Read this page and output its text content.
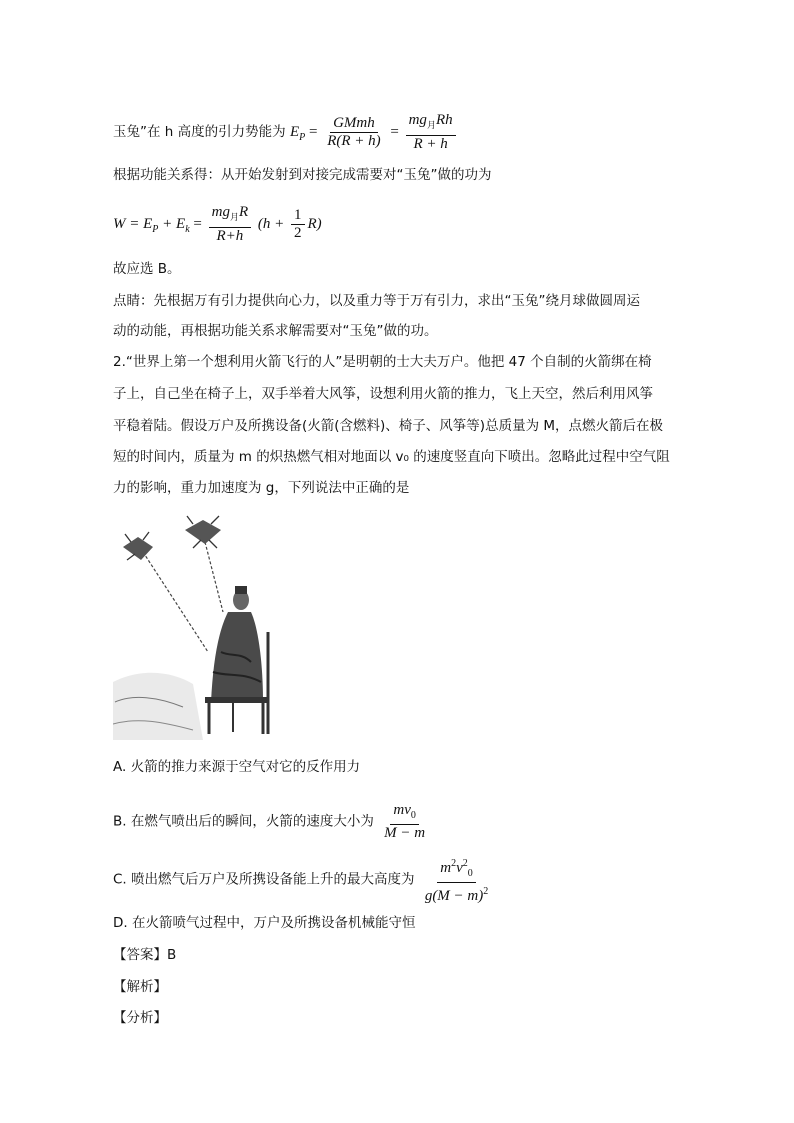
玉兔”在 h 高度的引力势能为 $E_P = \frac{\text{GMmh}}{R(R + h)} = \frac{mg_月Rh}{R + h}$
根据功能关系得：从开始发射到对接完成需要对“玉兔”做的功为
$W = E_P + E_k = \frac{mg_月R}{R+h} (h + \frac{1}{2} R)$
故应选 B。
点睛：先根据万有引力提供向心力，以及重力等于万有引力，求出“玉兔”绕月球做圆周运
动的动能，再根据功能关系求解需要对“玉兔”做的功。
2.“世界上第一个想利用火箭飞行的人”是明朝的士大夫万户。他把 47 个自制的火箭绑在椅
子上，自己坐在椅子上，双手举着大风筝，设想利用火箭的推力，飞上天空，然后利用风筝
平稳着陆。假设万户及所携设备(火箭(含燃料)、椅子、风筝等)总质量为 M，点燃火箭后在极
短的时间内，质量为 m 的炽热燃气相对地面以 v₀ 的速度竖直向下喷出。忽略此过程中空气阻
力的影响，重力加速度为 g，下列说法中正确的是
A. 火箭的推力来源于空气对它的反作用力
B. 在燃气喷出后的瞬间，火箭的速度大小为 $\frac{mv_0}{M - m}$
C. 喷出燃气后万户及所携设备能上升的最大高度为 $\frac{m^2v^2_0}{g(M - m)^2}$
D. 在火箭喷气过程中，万户及所携设备机械能守恒
【答案】B
【解析】
【分析】
